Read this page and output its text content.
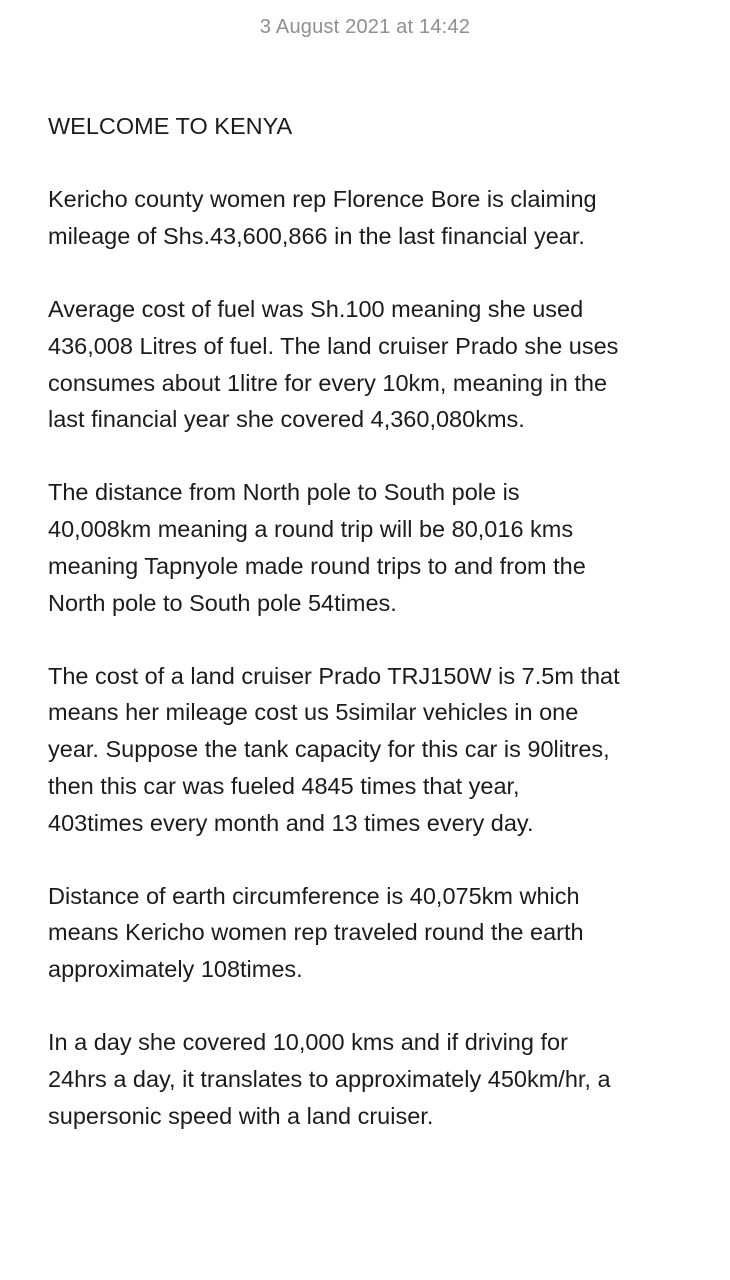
3 August 2021 at 14:42

WELCOME TO KENYA

Kericho county women rep Florence Bore is claiming
mileage of Shs.43,600,866 in the last financial year.

Average cost of fuel was Sh.100 meaning she used
436,008 Litres of fuel. The land cruiser Prado she uses
consumes about 1litre for every 10km, meaning in the
last financial year she covered 4,360,080kms.

The distance from North pole to South pole is
40,008km meaning a round trip will be 80,016 kms
meaning Tapnyole made round trips to and from the
North pole to South pole 54times.

The cost of a land cruiser Prado TRJ150W is 7.5m that
means her mileage cost us 5similar vehicles in one
year. Suppose the tank capacity for this car is 90litres,
then this car was fueled 4845 times that year,
403times every month and 13 times every day.

Distance of earth circumference is 40,075km which
means Kericho women rep traveled round the earth
approximately 108times.

In a day she covered 10,000 kms and if driving for
24hrs a day, it translates to approximately 450km/hr, a
supersonic speed with a land cruiser.
